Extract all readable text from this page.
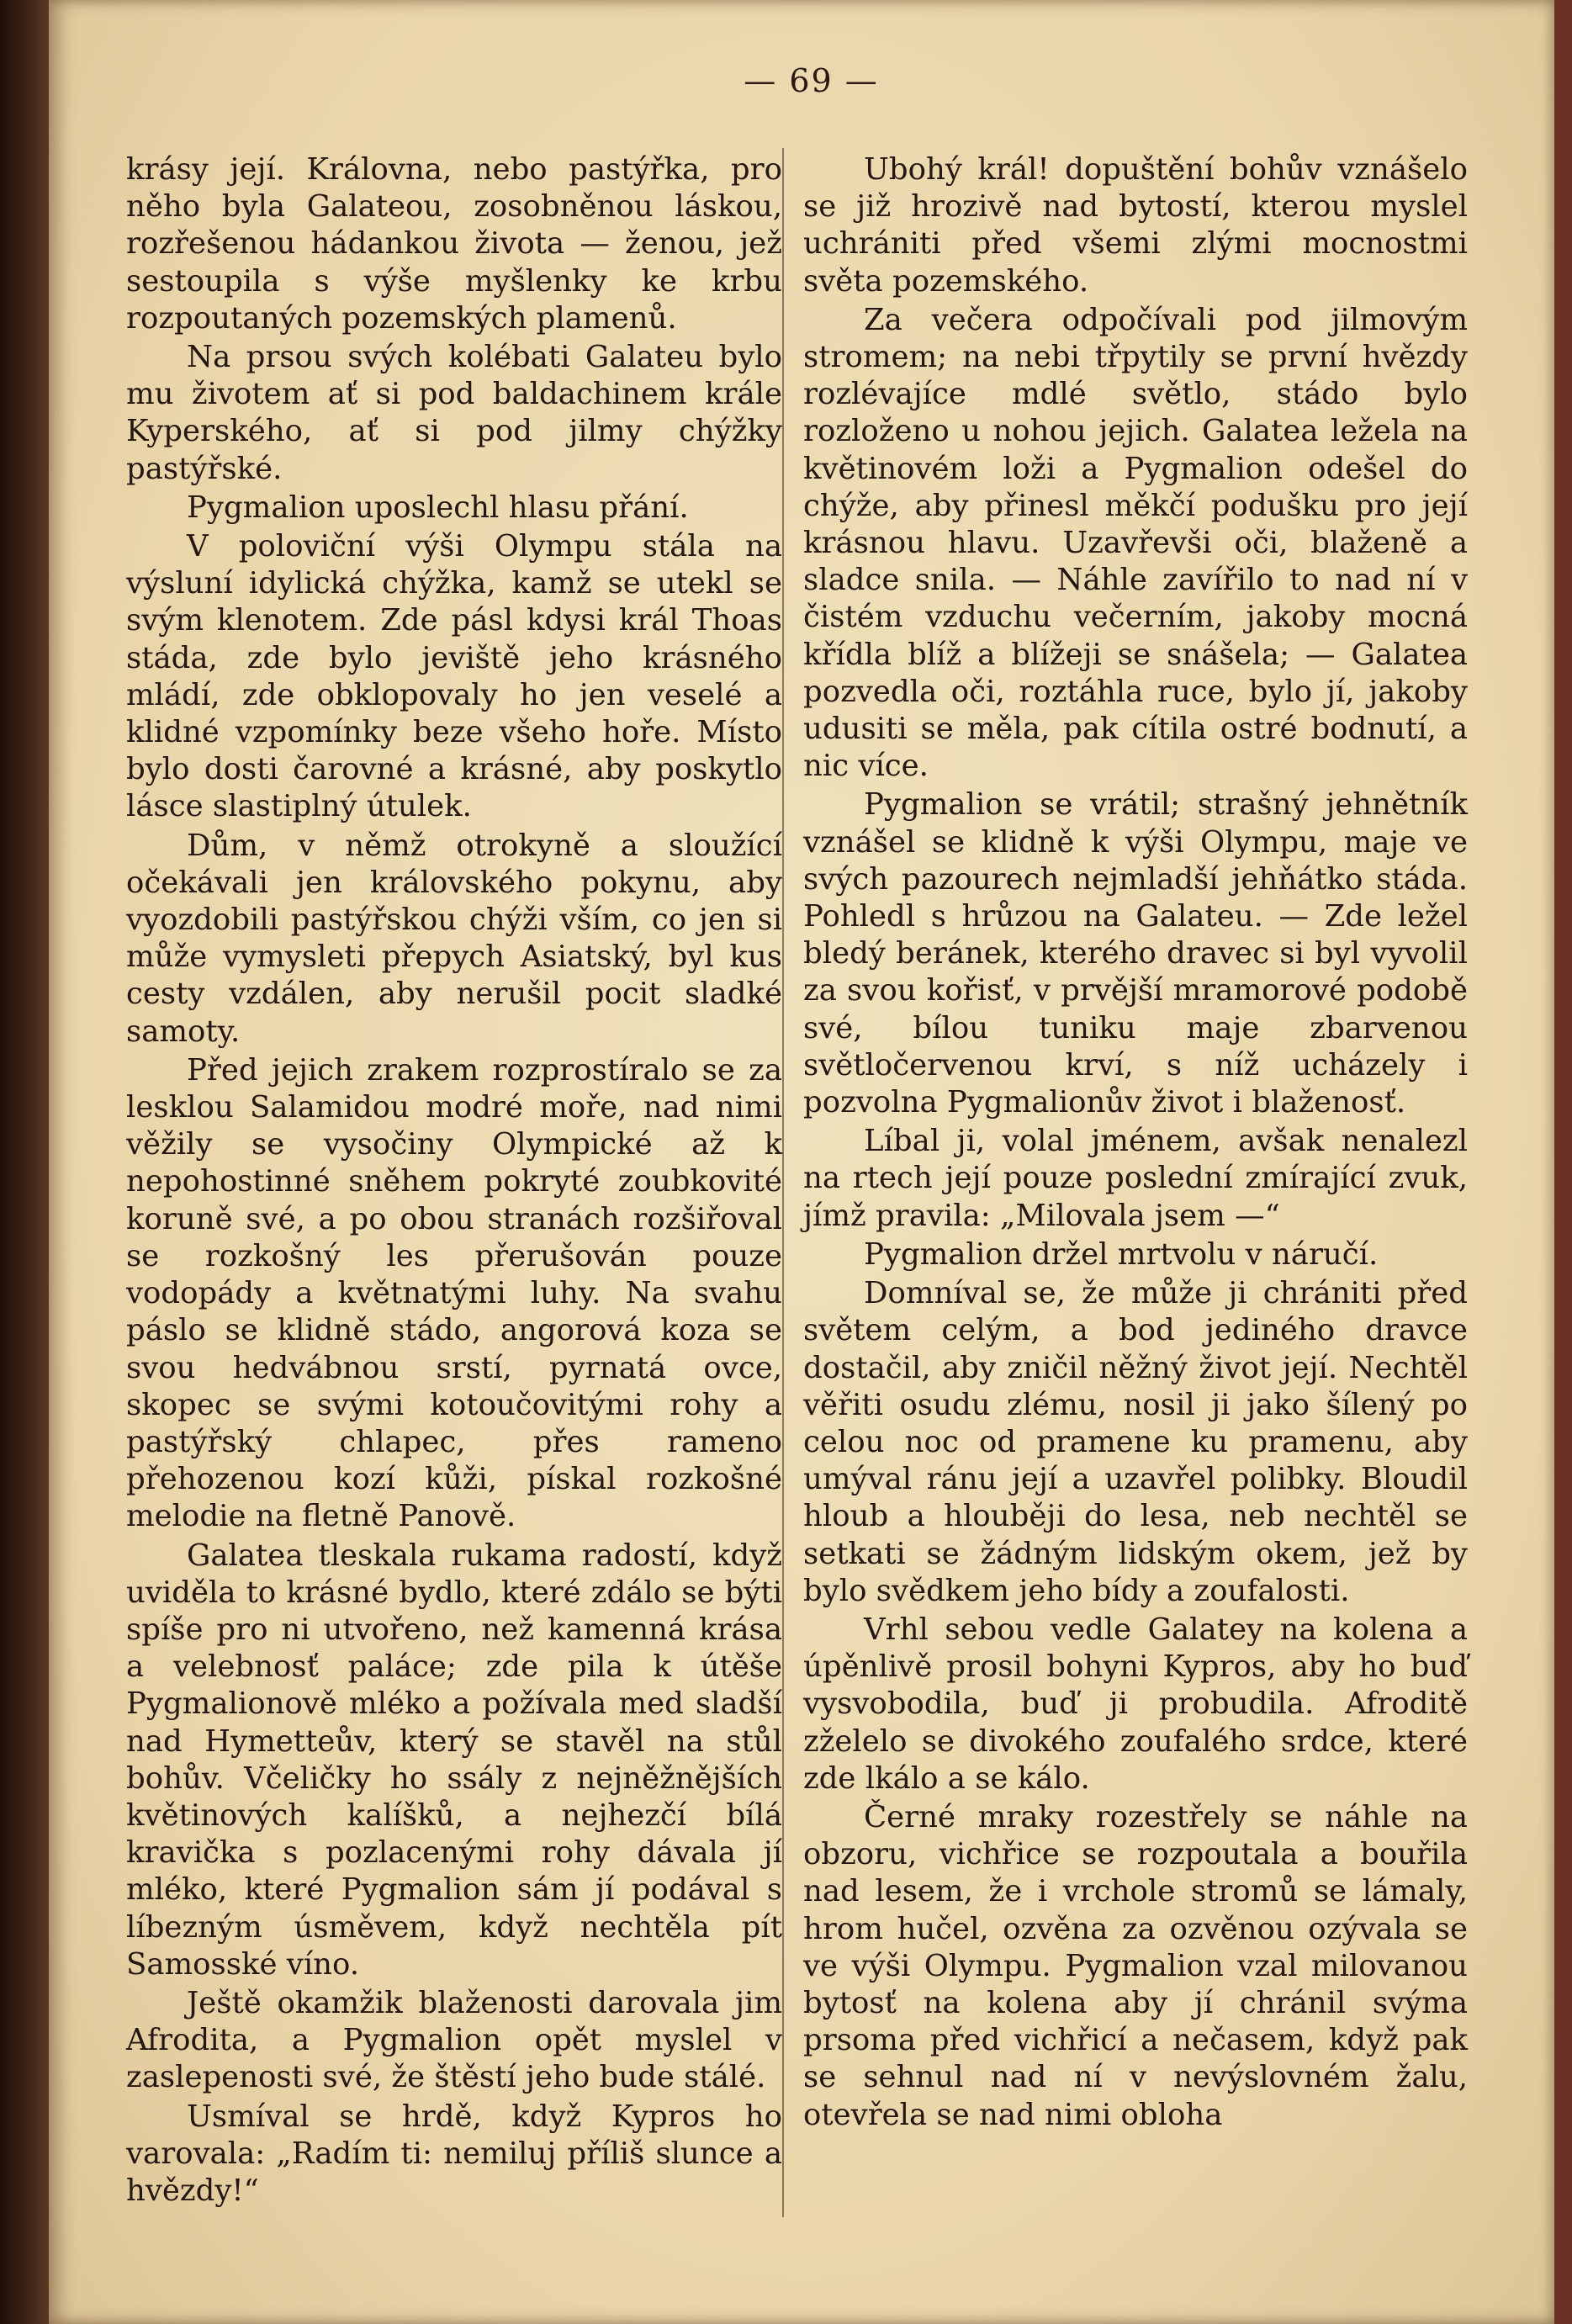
— 69 —

krásy její. Královna, nebo pastýřka, pro něho byla Galateou, zosobněnou láskou, rozřešenou hádankou života — ženou, jež sestoupila s výše myšlenky ke krbu rozpoutaných pozemských plamenů.

Na prsou svých kolébati Galateu bylo mu životem ať si pod baldachinem krále Kyperského, ať si pod jilmy chýžky pastýřské.

Pygmalion uposlechl hlasu přání.

V poloviční výši Olympu stála na výsluní idylická chýžka, kamž se utekl se svým klenotem. Zde pásl kdysi král Thoas stáda, zde bylo jeviště jeho krásného mládí, zde obklopovaly ho jen veselé a klidné vzpomínky beze všeho hoře. Místo bylo dosti čarovné a krásné, aby poskytlo lásce slastiplný útulek.

Dům, v němž otrokyně a sloužící očekávali jen královského pokynu, aby vyozdobili pastýřskou chýži vším, co jen si může vymysleti přepych Asiatský, byl kus cesty vzdálen, aby nerušil pocit sladké samoty.

Před jejich zrakem rozprostíralo se za lesklou Salamidou modré moře, nad nimi věžily se vysočiny Olympické až k nepohostinné sněhem pokryté zoubkovité koruně své, a po obou stranách rozšiřoval se rozkošný les přerušován pouze vodopády a květnatými luhy. Na svahu páslo se klidně stádo, angorová koza se svou hedvábnou srstí, pyrnatá ovce, skopec se svými kotoučovitými rohy a pastýřský chlapec, přes rameno přehozenou kozí kůži, pískal rozkošné melodie na fletně Panově.

Galatea tleskala rukama radostí, když uviděla to krásné bydlo, které zdálo se býti spíše pro ni utvořeno, než kamenná krása a velebnosť paláce; zde pila k útěše Pygmalionově mléko a požívala med sladší nad Hymetteův, který se stavěl na stůl bohův. Včeličky ho ssály z nejněžnějších květinových kalíšků, a nejhezčí bílá kravička s pozlacenými rohy dávala jí mléko, které Pygmalion sám jí podával s líbezným úsměvem, když nechtěla pít Samosské víno.

Ještě okamžik blaženosti darovala jim Afrodita, a Pygmalion opět myslel v zaslepenosti své, že štěstí jeho bude stálé.

Usmíval se hrdě, když Kypros ho varovala: „Radím ti: nemiluj příliš slunce a hvězdy!“

Ubohý král! dopuštění bohův vznášelo se již hrozivě nad bytostí, kterou myslel uchrániti před všemi zlými mocnostmi světa pozemského.

Za večera odpočívali pod jilmovým stromem; na nebi třpytily se první hvězdy rozlévajíce mdlé světlo, stádo bylo rozloženo u nohou jejich. Galatea ležela na květinovém loži a Pygmalion odešel do chýže, aby přinesl měkčí podušku pro její krásnou hlavu. Uzavřevši oči, blaženě a sladce snila. — Náhle zavířilo to nad ní v čistém vzduchu večerním, jakoby mocná křídla blíž a blížeji se snášela; — Galatea pozvedla oči, roztáhla ruce, bylo jí, jakoby udusiti se měla, pak cítila ostré bodnutí, a nic více.

Pygmalion se vrátil; strašný jehnětník vznášel se klidně k výši Olympu, maje ve svých pazourech nejmladší jehňátko stáda. Pohledl s hrůzou na Galateu. — Zde ležel bledý beránek, kterého dravec si byl vyvolil za svou kořisť, v prvější mramorové podobě své, bílou tuniku maje zbarvenou světločervenou krví, s níž ucházely i pozvolna Pygmalionův život i blaženosť.

Líbal ji, volal jménem, avšak nenalezl na rtech její pouze poslední zmírající zvuk, jímž pravila: „Milovala jsem —“

Pygmalion držel mrtvolu v náručí.

Domníval se, že může ji chrániti před světem celým, a bod jediného dravce dostačil, aby zničil něžný život její. Nechtěl věřiti osudu zlému, nosil ji jako šílený po celou noc od pramene ku pramenu, aby umýval ránu její a uzavřel polibky. Bloudil hloub a hlouběji do lesa, neb nechtěl se setkati se žádným lidským okem, jež by bylo svědkem jeho bídy a zoufalosti.

Vrhl sebou vedle Galatey na kolena a úpěnlivě prosil bohyni Kypros, aby ho buď vysvobodila, buď ji probudila. Afroditě zželelo se divokého zoufalého srdce, které zde lkálo a se kálo.

Černé mraky rozestřely se náhle na obzoru, vichřice se rozpoutala a bouřila nad lesem, že i vrchole stromů se lámaly, hrom hučel, ozvěna za ozvěnou ozývala se ve výši Olympu. Pygmalion vzal milovanou bytosť na kolena aby jí chránil svýma prsoma před vichřicí a nečasem, když pak se sehnul nad ní v nevýslovném žalu, otevřela se nad nimi obloha
